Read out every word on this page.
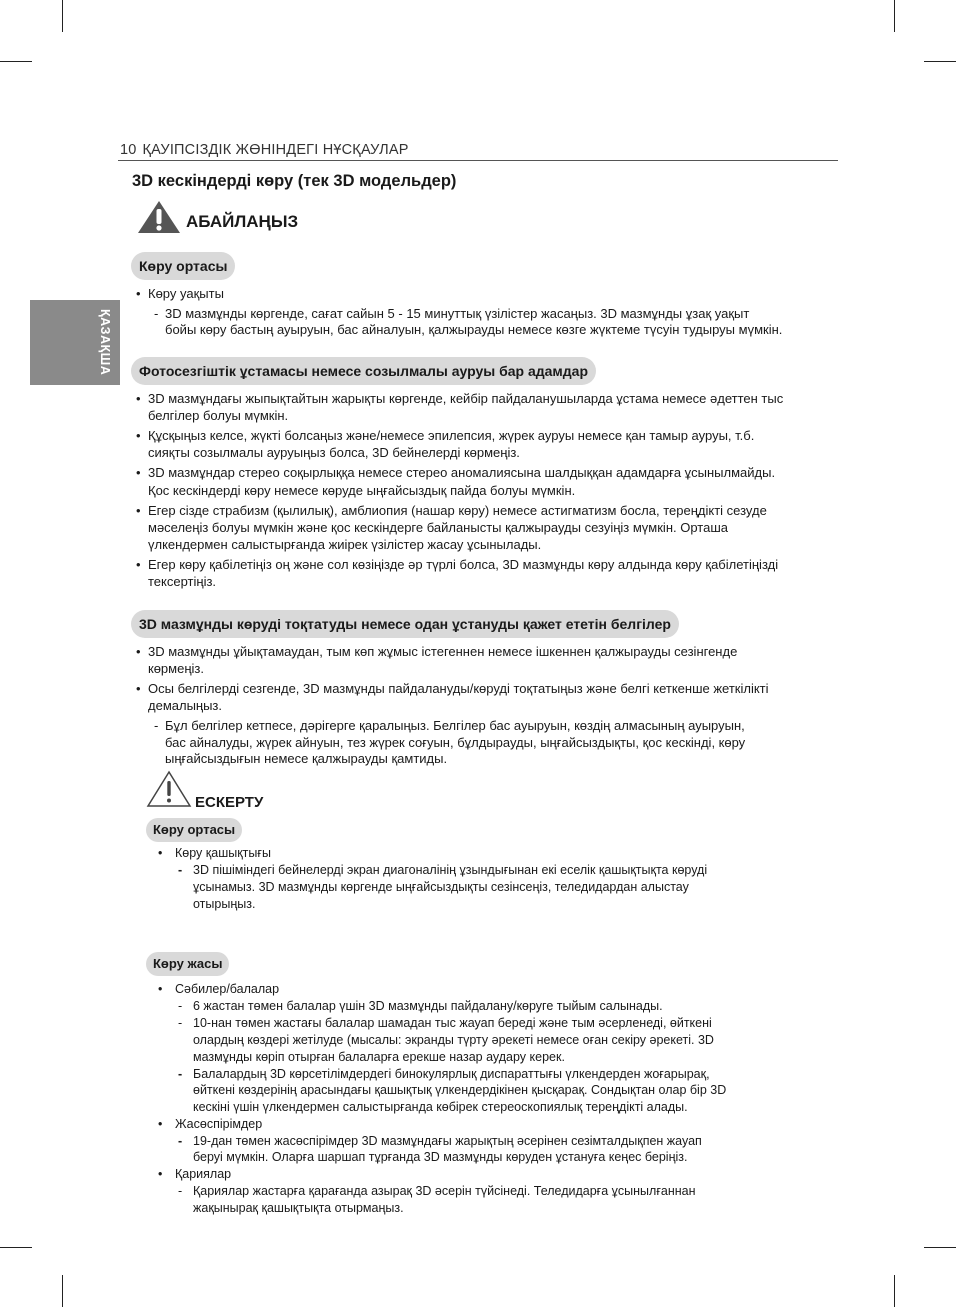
10 ҚАУІПСІЗДІК ЖӨНІНДЕГІ НҰСҚАУЛАР
ҚАЗАҚША
3D кескіндерді көру (тек 3D модельдер)
АБАЙЛАҢЫЗ
Көру ортасы
• Көру уақыты
- 3D мазмұнды көргенде, сағат сайын 5 - 15 минуттық үзілістер жасаңыз. 3D мазмұнды ұзақ уақыт
бойы көру бастың ауыруын, бас айналуын, қалжырауды немесе көзге жүктеме түсуін тудыруы мүмкін.
Фотосезгіштік ұстамасы немесе созылмалы ауруы бар адамдар
• 3D мазмұндағы жыпықтайтын жарықты көргенде, кейбір пайдаланушыларда ұстама немесе әдеттен тыс
белгілер болуы мүмкін.
• Құсқыңыз келсе, жүкті болсаңыз және/немесе эпилепсия, жүрек ауруы немесе қан тамыр ауруы, т.б.
сияқты созылмалы ауруыңыз болса, 3D бейнелерді көрмеңіз.
• 3D мазмұндар стерео соқырлыққа немесе стерео аномалиясына шалдыққан адамдарға ұсынылмайды.
Қос кескіндерді көру немесе көруде ыңғайсыздық пайда болуы мүмкін.
• Егер сізде страбизм (қылилық), амблиопия (нашар көру) немесе астигматизм босла, тереңдікті сезуде
мәселеңіз болуы мүмкін және қос кескіндерге байланысты қалжырауды сезуіңіз мүмкін. Орташа
үлкендермен салыстырғанда жиірек үзілістер жасау ұсынылады.
• Егер көру қабілетіңіз оң және сол көзіңізде әр түрлі болса, 3D мазмұнды көру алдында көру қабілетіңізді
тексертіңіз.
3D мазмұнды көруді тоқтатуды немесе одан ұстануды қажет ететін белгілер
• 3D мазмұнды ұйықтамаудан, тым көп жұмыс істегеннен немесе ішкеннен қалжырауды сезінгенде
көрмеңіз.
• Осы белгілерді сезгенде, 3D мазмұнды пайдалануды/көруді тоқтатыңыз және белгі кеткенше жеткілікті
демалыңыз.
- Бұл белгілер кетпесе, дәрігерге қаралыңыз. Белгілер бас ауыруын, көздің алмасының ауыруын,
бас айналуды, жүрек айнуын, тез жүрек соғуын, бұлдырауды, ыңғайсыздықты, қос кескінді, көру
ыңғайсыздығын немесе қалжырауды қамтиды.
ЕСКЕРТУ
Көру ортасы
• Көру қашықтығы
- 3D пішіміндегі бейнелерді экран диагоналінің ұзындығынан екі еселік қашықтықта көруді
ұсынамыз. 3D мазмұнды көргенде ыңғайсыздықты сезінсеңіз, теледидардан алыстау
отырыңыз.
Көру жасы
• Сәбилер/балалар
- 6 жастан төмен балалар үшін 3D мазмұнды пайдалану/көруге тыйым салынады.
- 10-нан төмен жастағы балалар шамадан тыс жауап береді және тым әсерленеді, өйткені
олардың көздері жетілуде (мысалы: экранды түрту әрекеті немесе оған секіру әрекеті. 3D
мазмұнды көріп отырған балаларға ерекше назар аудару керек.
- Балалардың 3D көрсетілімдердегі бинокулярлық диспараттығы үлкендерден жоғарырақ,
өйткені көздерінің арасындағы қашықтық үлкендердікінен қысқарақ. Сондықтан олар бір 3D
кескіні үшін үлкендермен салыстырғанда көбірек стереоскопиялық тереңдікті алады.
• Жасөспірімдер
- 19-дан төмен жасөспірімдер 3D мазмұндағы жарықтың әсерінен сезімталдықпен жауап
беруі мүмкін. Оларға шаршап тұрғанда 3D мазмұнды көруден ұстануға кеңес беріңіз.
• Қариялар
- Қариялар жастарға қарағанда азырақ 3D әсерін түйсінеді. Теледидарға ұсынылғаннан
жақынырақ қашықтықта отырмаңыз.
